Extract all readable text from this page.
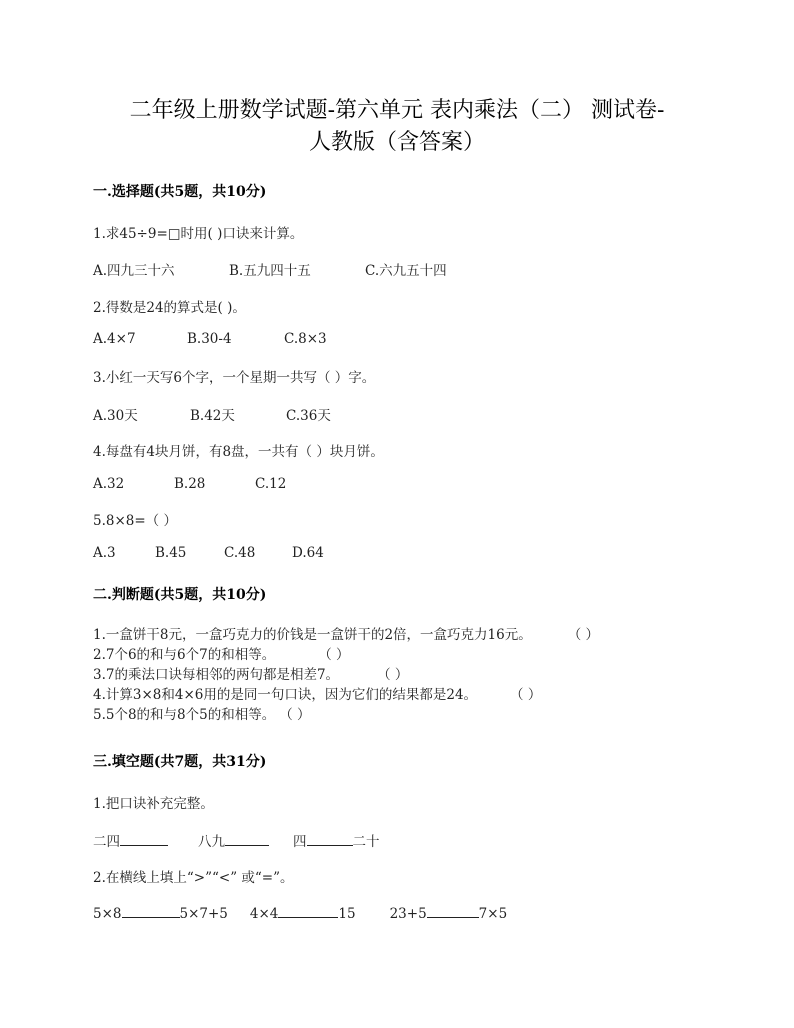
二年级上册数学试题-第六单元 表内乘法（二） 测试卷-
人教版（含答案）
一.选择题(共5题，共10分)
1.求45÷9=□时用( )口诀来计算。
A.四九三十六	B.五九四十五	C.六九五十四
2.得数是24的算式是( )。
A.4×7	B.30-4	C.8×3
3.小红一天写6个字，一个星期一共写（ ）字。
A.30天	B.42天	C.36天
4.每盘有4块月饼，有8盘，一共有（ ）块月饼。
A.32	B.28	C.12
5.8×8=（ ）
A.3	B.45	C.48	D.64
二.判断题(共5题，共10分)
1.一盒饼干8元，一盒巧克力的价钱是一盒饼干的2倍，一盒巧克力16元。	（ ）
2.7个6的和与6个7的和相等。	（ ）
3.7的乘法口诀每相邻的两句都是相差7。	（ ）
4.计算3×8和4×6用的是同一句口诀，因为它们的结果都是24。 （ ）
5.5个8的和与8个5的和相等。 （ ）
三.填空题(共7题，共31分)
1.把口诀补充完整。
二四	八九	四	二十
2.在横线上填上“>”“<” 或“=”。
5×8	5×7+5 4×4	15	23+5	7×5
